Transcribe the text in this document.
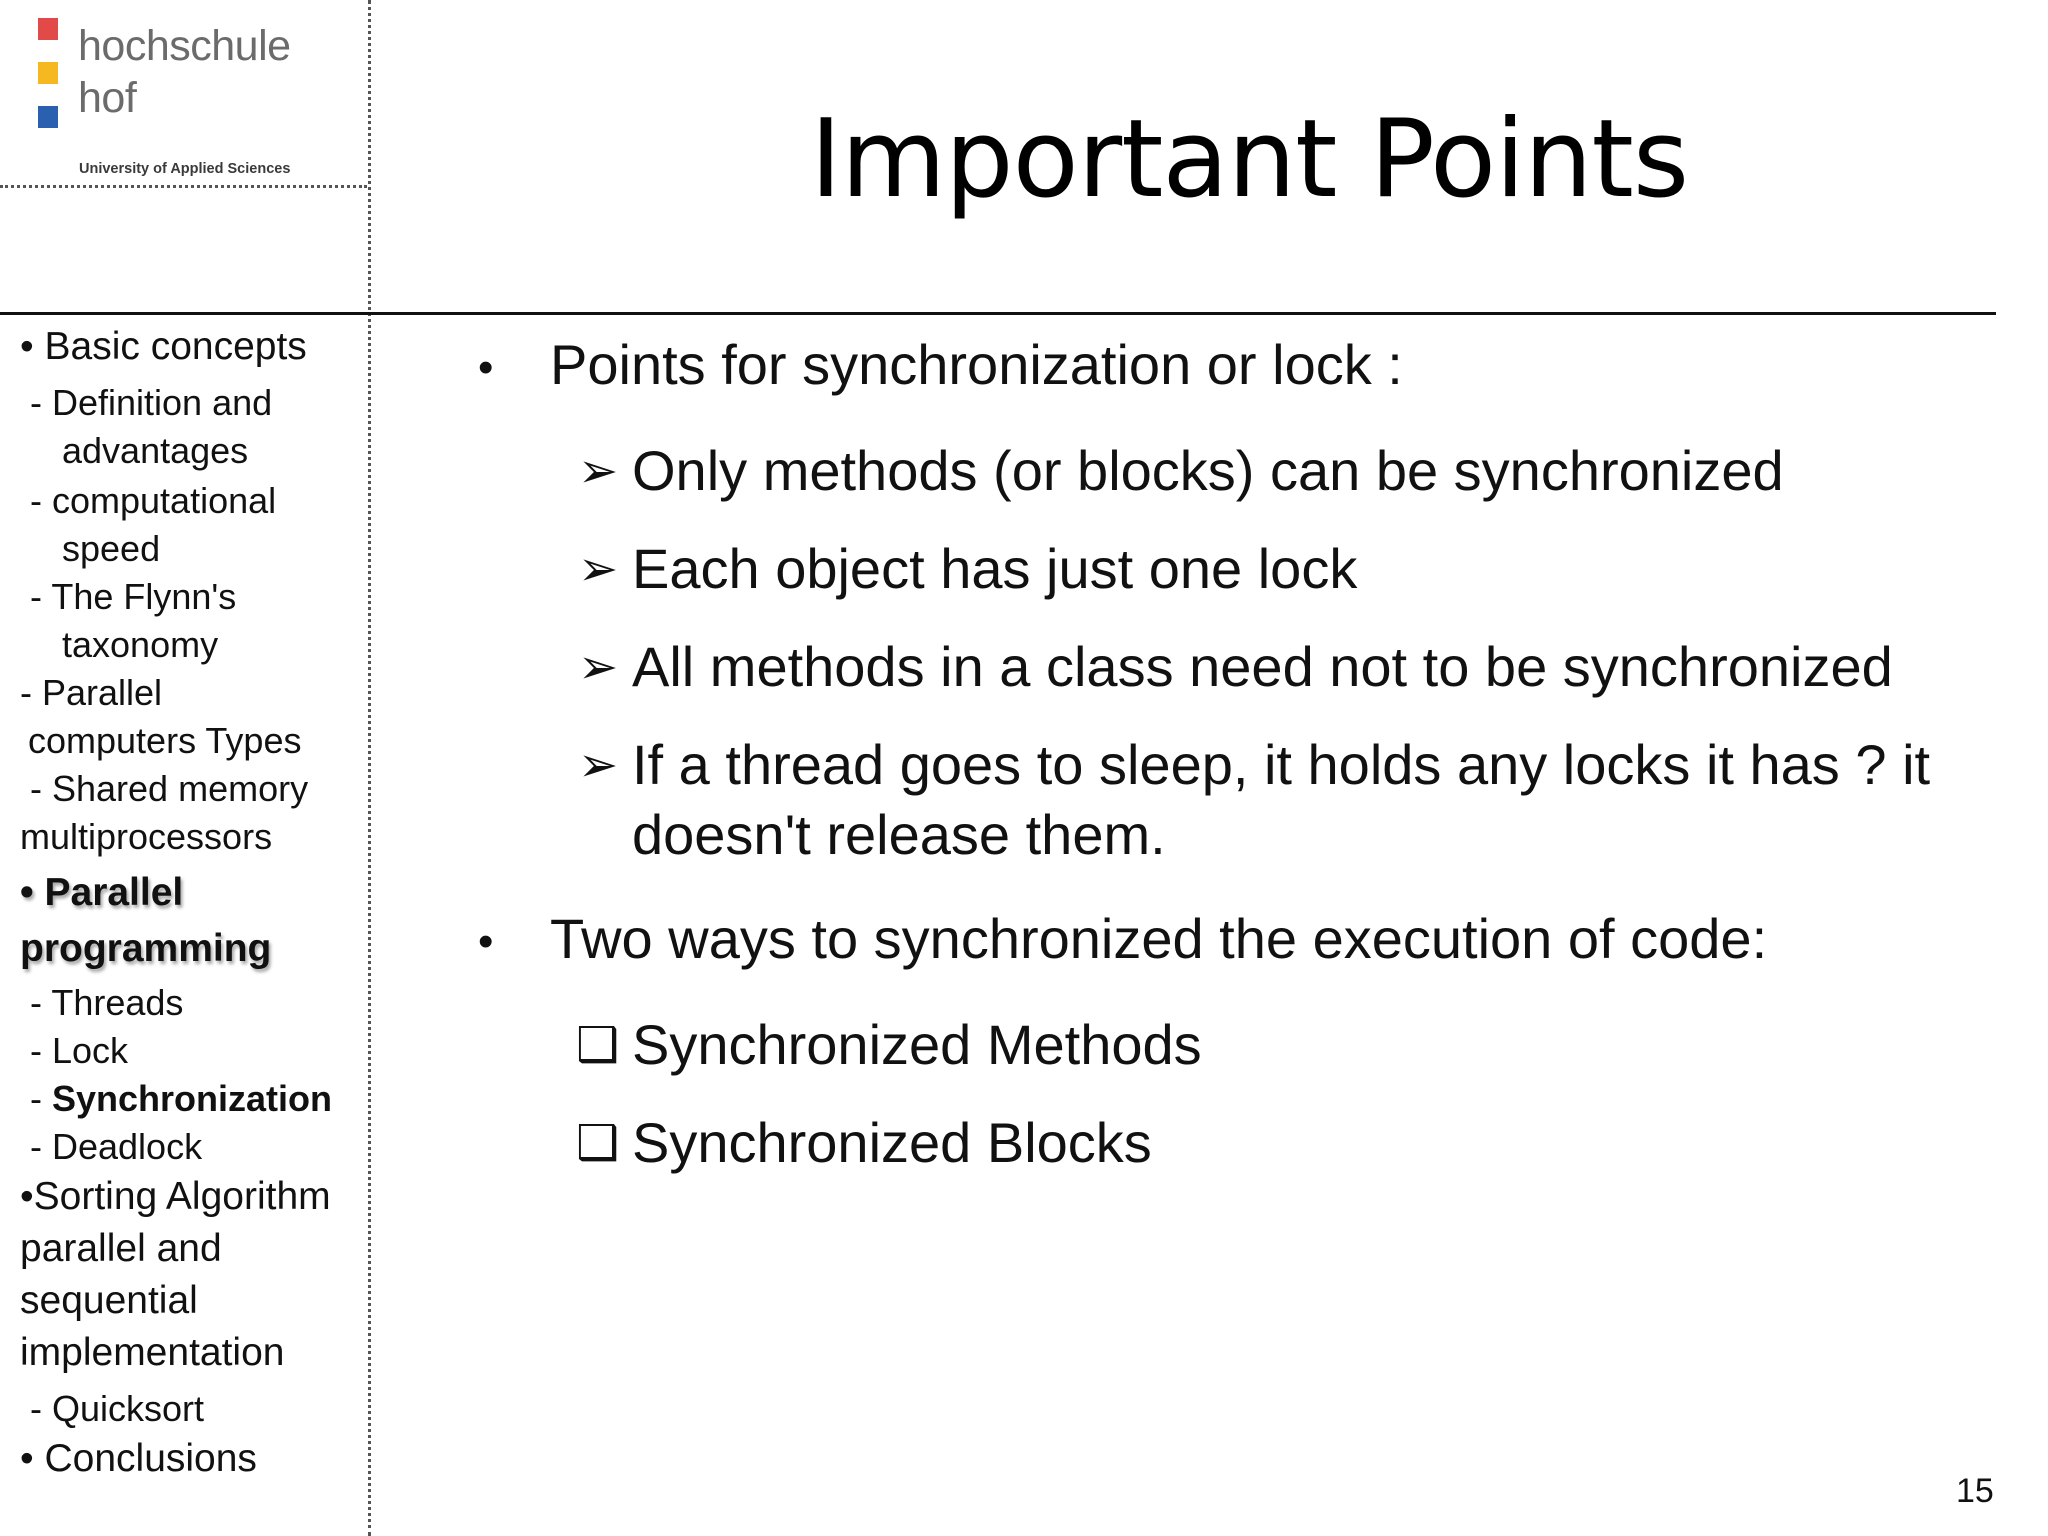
hochschule
hof
University of Applied Sciences	Important Points
• Basic concepts
- Definition and
advantages
- computational
speed
- The Flynn's
taxonomy
- Parallel
computers Types
- Shared memory
multiprocessors
• Parallel
programming
- Threads
- Lock
- Synchronization
- Deadlock
•Sorting Algorithm
parallel and
sequential
implementation
- Quicksort
• Conclusions
• Points for synchronization or lock :
➢ Only methods (or blocks) can be synchronized
➢ Each object has just one lock
➢ All methods in a class need not to be synchronized
➢ If a thread goes to sleep, it holds any locks it has ? it doesn't release them.
• Two ways to synchronized the execution of code:
❑ Synchronized Methods
❑ Synchronized Blocks
15
